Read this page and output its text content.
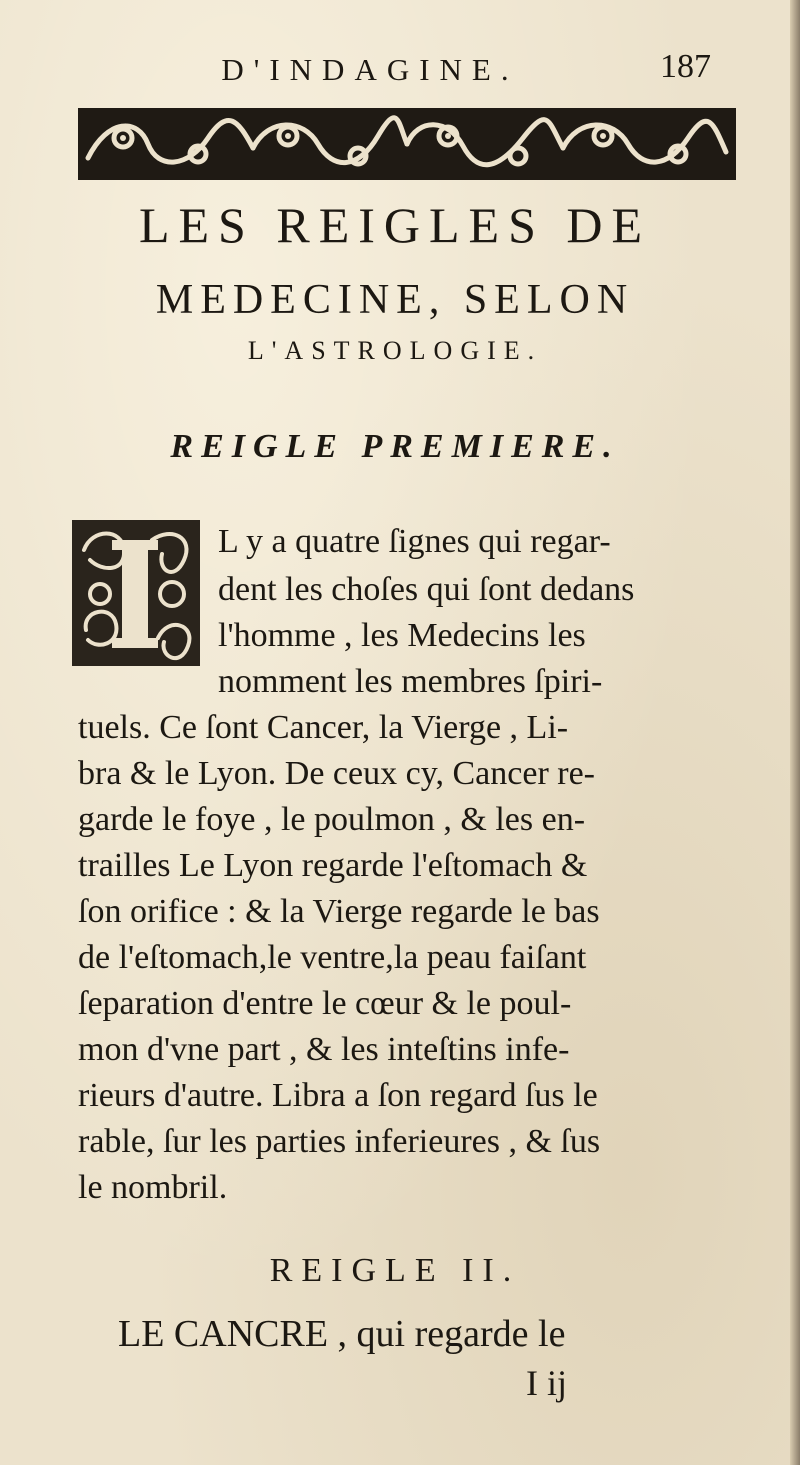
D'INDAGINE.	187
LES REIGLES DE
MEDECINE, SELON
L'ASTROLOGIE.
REIGLE PREMIERE.
L y a quatre ſignes qui regar-
dent les choſes qui ſont dedans
l'homme , les Medecins les
nomment les membres ſpiri-
tuels. Ce ſont Cancer, la Vierge , Li-
bra & le Lyon. De ceux cy, Cancer re-
garde le foye , le poulmon , & les en-
trailles Le Lyon regarde l'eſtomach &
ſon orifice : & la Vierge regarde le bas
de l'eſtomach,le ventre,la peau faiſant
ſeparation d'entre le cœur & le poul-
mon d'vne part , & les inteſtins infe-
rieurs d'autre. Libra a ſon regard ſus le
rable, ſur les parties inferieures , & ſus
le nombril.
REIGLE II.
LE CANCRE , qui regarde le
I ij
